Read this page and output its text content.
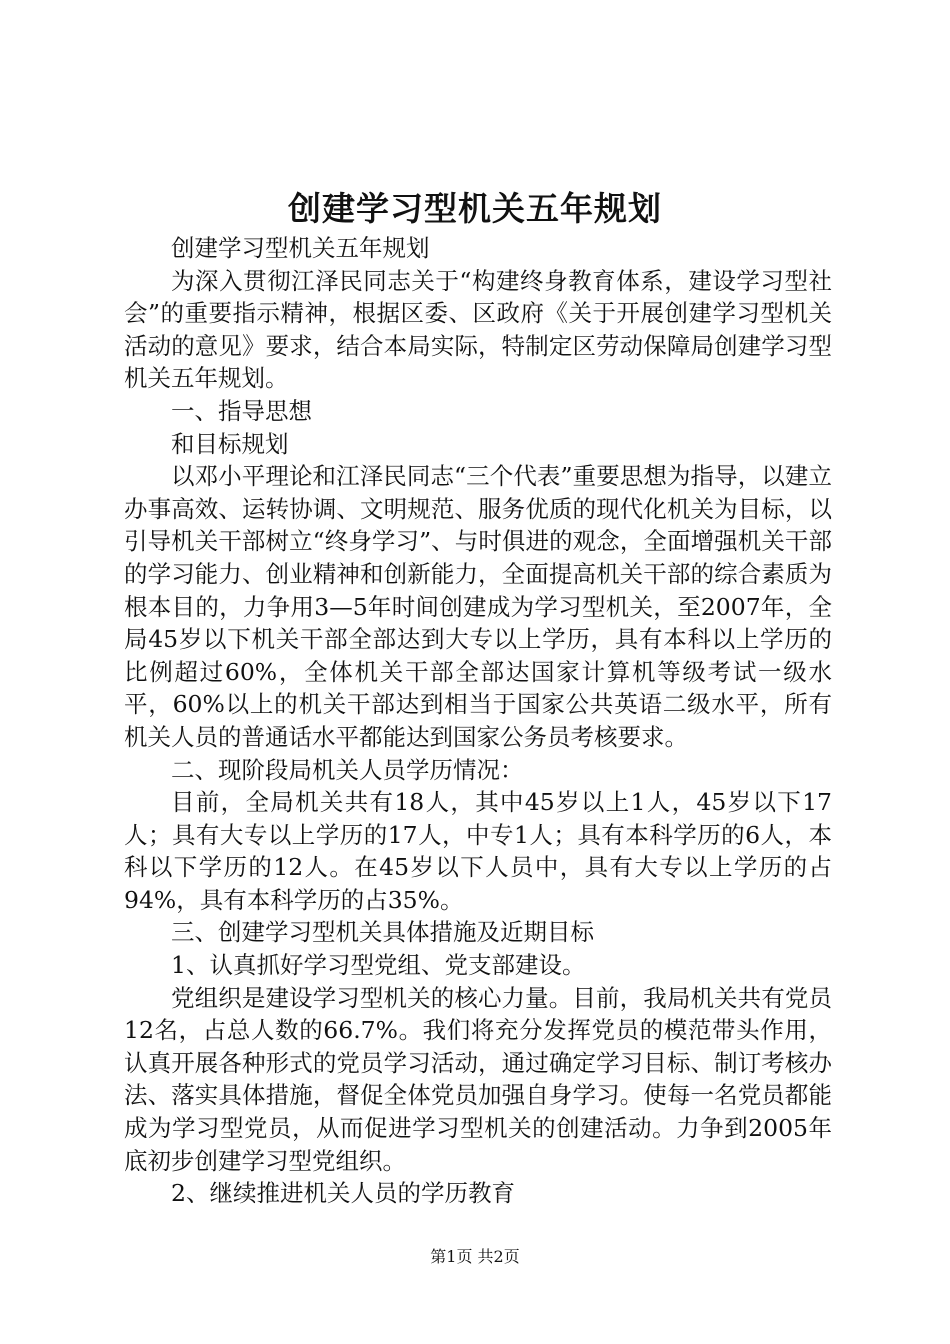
创建学习型机关五年规划

创建学习型机关五年规划

为深入贯彻江泽民同志关于“构建终身教育体系，建设学习型社会”的重要指示精神，根据区委、区政府《关于开展创建学习型机关活动的意见》要求，结合本局实际，特制定区劳动保障局创建学习型机关五年规划。

一、指导思想

和目标规划

以邓小平理论和江泽民同志“三个代表”重要思想为指导，以建立办事高效、运转协调、文明规范、服务优质的现代化机关为目标，以引导机关干部树立“终身学习”、与时俱进的观念，全面增强机关干部的学习能力、创业精神和创新能力，全面提高机关干部的综合素质为根本目的，力争用3—5年时间创建成为学习型机关，至2007年，全局45岁以下机关干部全部达到大专以上学历，具有本科以上学历的比例超过60%，全体机关干部全部达国家计算机等级考试一级水平，60%以上的机关干部达到相当于国家公共英语二级水平，所有机关人员的普通话水平都能达到国家公务员考核要求。

二、现阶段局机关人员学历情况：

目前，全局机关共有18人，其中45岁以上1人，45岁以下17人；具有大专以上学历的17人，中专1人；具有本科学历的6人，本科以下学历的12人。在45岁以下人员中，具有大专以上学历的占94%，具有本科学历的占35%。

三、创建学习型机关具体措施及近期目标

1、认真抓好学习型党组、党支部建设。

党组织是建设学习型机关的核心力量。目前，我局机关共有党员12名，占总人数的66.7%。我们将充分发挥党员的模范带头作用，认真开展各种形式的党员学习活动，通过确定学习目标、制订考核办法、落实具体措施，督促全体党员加强自身学习。使每一名党员都能成为学习型党员，从而促进学习型机关的创建活动。力争到2005年底初步创建学习型党组织。

2、继续推进机关人员的学历教育

第1页 共2页
